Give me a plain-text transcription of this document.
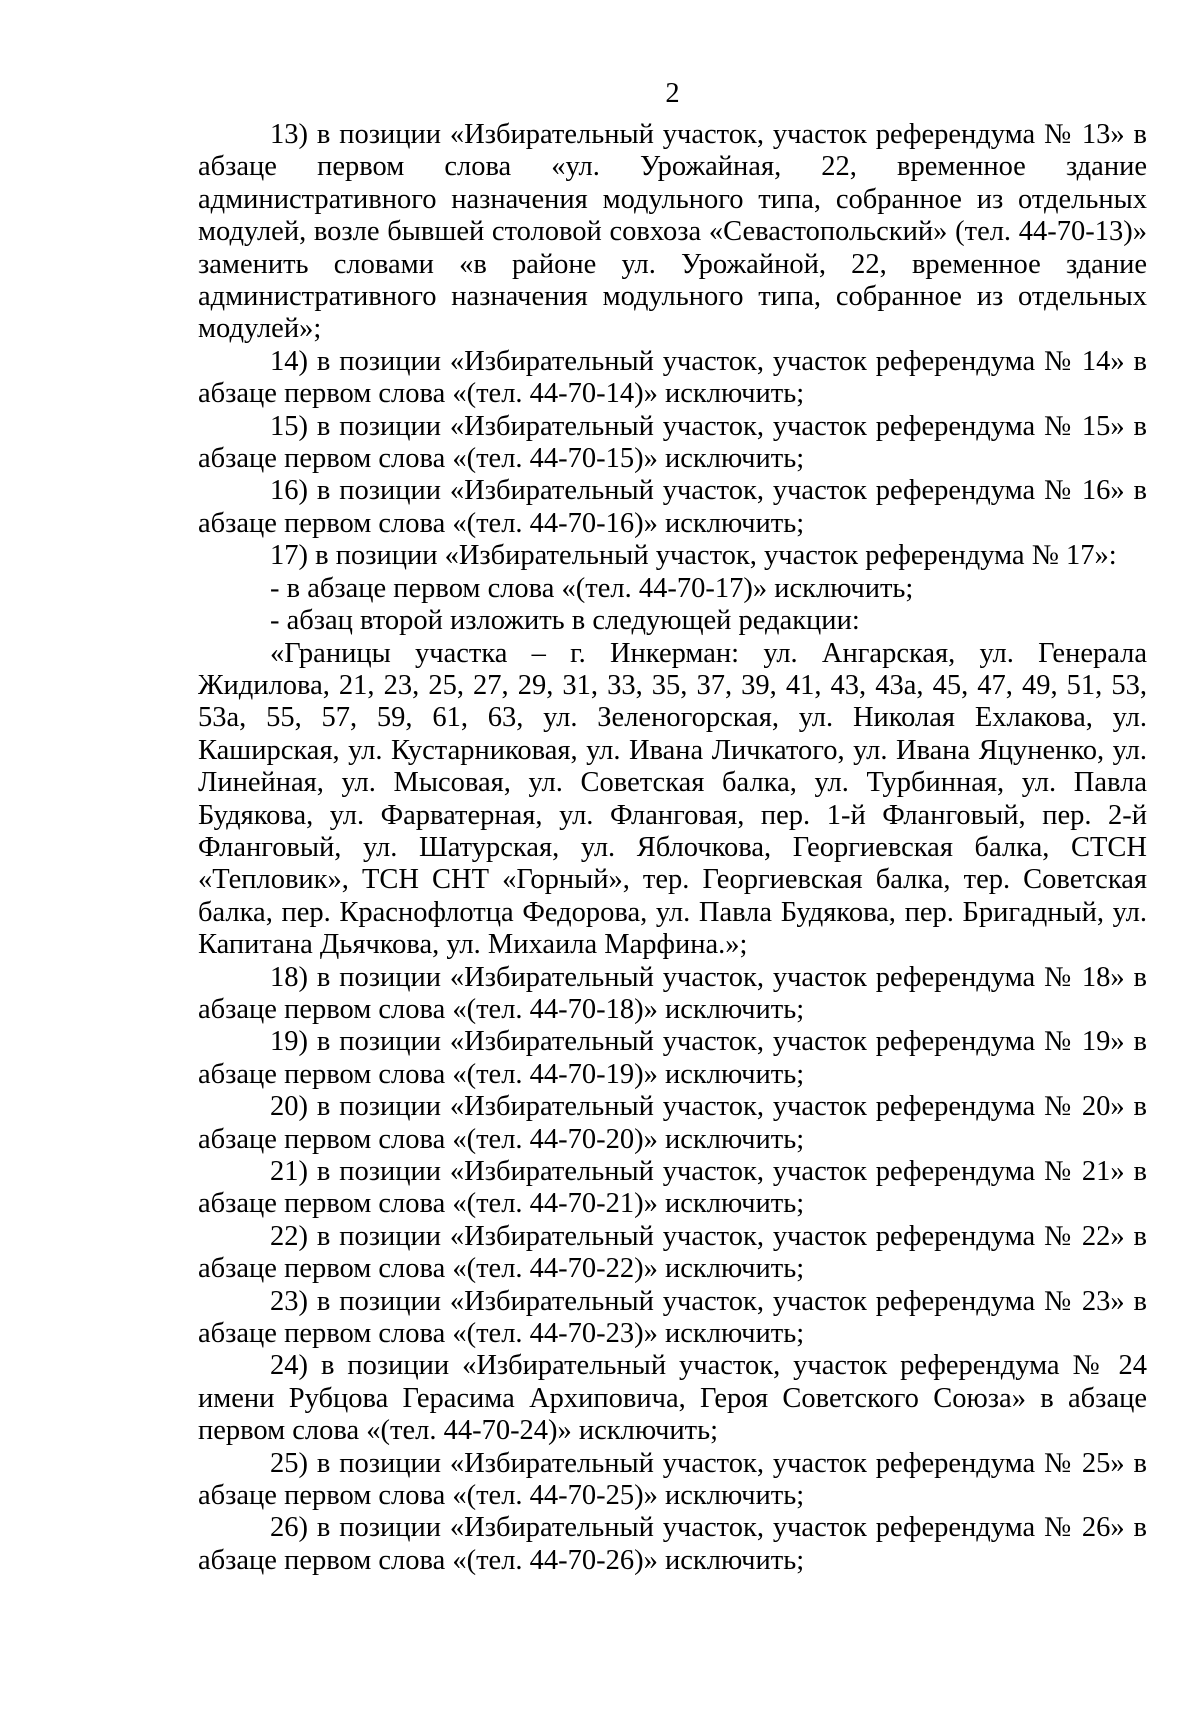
2

13) в позиции «Избирательный участок, участок референдума № 13» в абзаце первом слова «ул. Урожайная, 22, временное здание административного назначения модульного типа, собранное из отдельных модулей, возле бывшей столовой совхоза «Севастопольский» (тел. 44-70-13)» заменить словами «в районе ул. Урожайной, 22, временное здание административного назначения модульного типа, собранное из отдельных модулей»;

14) в позиции «Избирательный участок, участок референдума № 14» в абзаце первом слова «(тел. 44-70-14)» исключить;

15) в позиции «Избирательный участок, участок референдума № 15» в абзаце первом слова «(тел. 44-70-15)» исключить;

16) в позиции «Избирательный участок, участок референдума № 16» в абзаце первом слова «(тел. 44-70-16)» исключить;

17) в позиции «Избирательный участок, участок референдума № 17»:

- в абзаце первом слова «(тел. 44-70-17)» исключить;

- абзац второй изложить в следующей редакции:

«Границы участка – г. Инкерман: ул. Ангарская, ул. Генерала Жидилова, 21, 23, 25, 27, 29, 31, 33, 35, 37, 39, 41, 43, 43а, 45, 47, 49, 51, 53, 53а, 55, 57, 59, 61, 63, ул. Зеленогорская, ул. Николая Ехлакова, ул. Каширская, ул. Кустарниковая, ул. Ивана Личкатого, ул. Ивана Яцуненко, ул. Линейная, ул. Мысовая, ул. Советская балка, ул. Турбинная, ул. Павла Будякова, ул. Фарватерная, ул. Фланговая, пер. 1-й Фланговый, пер. 2-й Фланговый, ул. Шатурская, ул. Яблочкова, Георгиевская балка, СТСН «Тепловик», ТСН СНТ «Горный», тер. Георгиевская балка, тер. Советская балка, пер. Краснофлотца Федорова, ул. Павла Будякова, пер. Бригадный, ул. Капитана Дьячкова, ул. Михаила Марфина.»;

18) в позиции «Избирательный участок, участок референдума № 18» в абзаце первом слова «(тел. 44-70-18)» исключить;

19) в позиции «Избирательный участок, участок референдума № 19» в абзаце первом слова «(тел. 44-70-19)» исключить;

20) в позиции «Избирательный участок, участок референдума № 20» в абзаце первом слова «(тел. 44-70-20)» исключить;

21) в позиции «Избирательный участок, участок референдума № 21» в абзаце первом слова «(тел. 44-70-21)» исключить;

22) в позиции «Избирательный участок, участок референдума № 22» в абзаце первом слова «(тел. 44-70-22)» исключить;

23) в позиции «Избирательный участок, участок референдума № 23» в абзаце первом слова «(тел. 44-70-23)» исключить;

24) в позиции «Избирательный участок, участок референдума № 24 имени Рубцова Герасима Архиповича, Героя Советского Союза» в абзаце первом слова «(тел. 44-70-24)» исключить;

25) в позиции «Избирательный участок, участок референдума № 25» в абзаце первом слова «(тел. 44-70-25)» исключить;

26) в позиции «Избирательный участок, участок референдума № 26» в абзаце первом слова «(тел. 44-70-26)» исключить;
